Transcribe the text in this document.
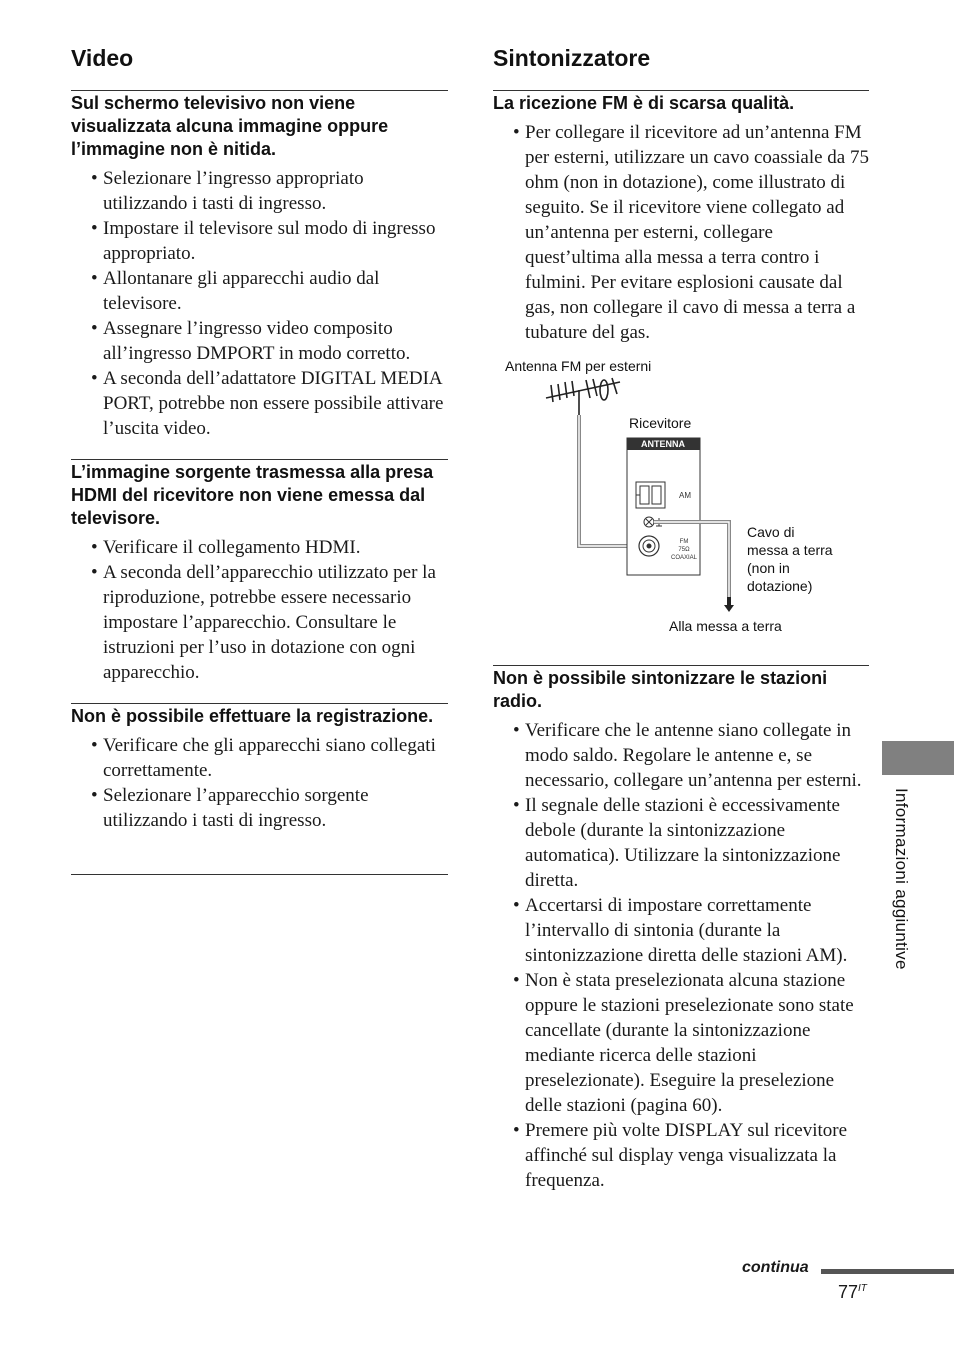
Video

Sul schermo televisivo non viene visualizzata alcuna immagine oppure l’immagine non è nitida.

• Selezionare l’ingresso appropriato utilizzando i tasti di ingresso.
• Impostare il televisore sul modo di ingresso appropriato.
• Allontanare gli apparecchi audio dal televisore.
• Assegnare l’ingresso video composito all’ingresso DMPORT in modo corretto.
• A seconda dell’adattatore DIGITAL MEDIA PORT, potrebbe non essere possibile attivare l’uscita video.

L’immagine sorgente trasmessa alla presa HDMI del ricevitore non viene emessa dal televisore.

• Verificare il collegamento HDMI.
• A seconda dell’apparecchio utilizzato per la riproduzione, potrebbe essere necessario impostare l’apparecchio. Consultare le istruzioni per l’uso in dotazione con ogni apparecchio.

Non è possibile effettuare la registrazione.

• Verificare che gli apparecchi siano collegati correttamente.
• Selezionare l’apparecchio sorgente utilizzando i tasti di ingresso.
Sintonizzatore

La ricezione FM è di scarsa qualità.

• Per collegare il ricevitore ad un’antenna FM per esterni, utilizzare un cavo coassiale da 75 ohm (non in dotazione), come illustrato di seguito. Se il ricevitore viene collegato ad un’antenna per esterni, collegare quest’ultima alla messa a terra contro i fulmini. Per evitare esplosioni causate dal gas, non collegare il cavo di messa a terra a tubature del gas.
Antenna FM per esterni
Ricevitore
Cavo di
messa a terra
(non in
dotazione)
Alla messa a terra
ANTENNA
AM
FM
75Ω
COAXIAL

Non è possibile sintonizzare le stazioni radio.

• Verificare che le antenne siano collegate in modo saldo. Regolare le antenne e, se necessario, collegare un’antenna per esterni.
• Il segnale delle stazioni è eccessivamente debole (durante la sintonizzazione automatica). Utilizzare la sintonizzazione diretta.
• Accertarsi di impostare correttamente l’intervallo di sintonia (durante la sintonizzazione diretta delle stazioni AM).
• Non è stata preselezionata alcuna stazione oppure le stazioni preselezionate sono state cancellate (durante la sintonizzazione mediante ricerca delle stazioni preselezionate). Eseguire la preselezione delle stazioni (pagina 60).
• Premere più volte DISPLAY sul ricevitore affinché sul display venga visualizzata la frequenza.
Informazioni aggiuntive
continua
$77^{IT}$
